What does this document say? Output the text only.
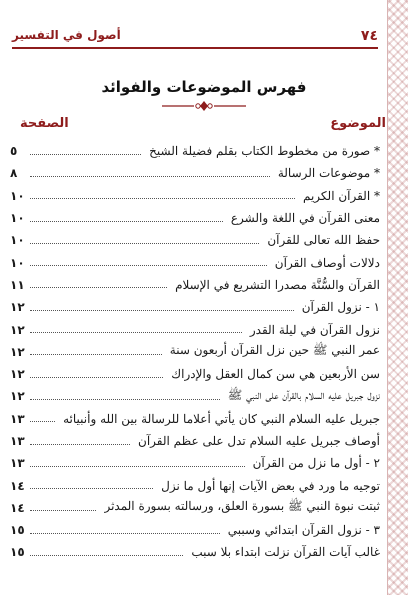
٧٤
أصول في التفسير
فهرس الموضوعات والفوائد
الموضوع
الصفحة
* صورة من مخطوط الكتاب بقلم فضيلة الشيخ
٥
* موضوعات الرسالة
٨
* القرآن الكريم
١٠
معنى القرآن في اللغة والشرع
١٠
حفظ الله تعالى للقرآن
١٠
دلالات أوصاف القرآن
١٠
القرآن والسُّنَّة مصدرا التشريع في الإسلام
١١
١ - نزول القرآن
١٢
نزول القرآن في ليلة القدر
١٢
عمر النبي ﷺ حين نزل القرآن أربعون سنة
١٢
سن الأربعين هي سن كمال العقل والإدراك
١٢
نزول جبريل عليه السلام بالقرآن على النبي ﷺ
١٢
جبريل عليه السلام النبي كان يأتي أعلاما للرسالة بين الله وأنبيائه
١٣
أوصاف جبريل عليه السلام تدل على عظم القرآن
١٣
٢ - أول ما نزل من القرآن
١٣
توجيه ما ورد في بعض الآيات إنها أول ما نزل
١٤
ثبتت نبوة النبي ﷺ بسورة العلق، ورسالته بسورة المدثر
١٤
٣ - نزول القرآن ابتدائي وسببي
١٥
غالب آيات القرآن نزلت ابتداء بلا سبب
١٥
